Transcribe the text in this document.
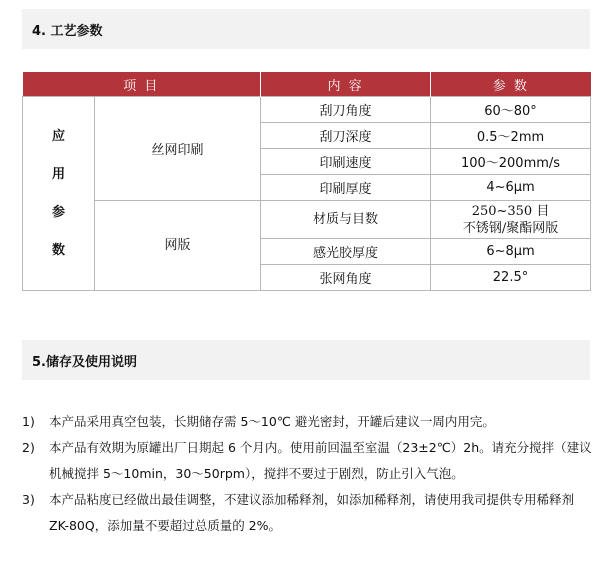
4. 工艺参数
项 目		内 容	参 数

应
用
参
数	丝网印刷	刮刀角度	60～80°
		刮刀深度	0.5～2mm
		印刷速度	100～200mm/s
		印刷厚度	4~6μm
	网版	材质与目数	250~350 目
不锈钢/聚酯网版

		感光胶厚度	6~8μm
		张网角度	22.5°
5.储存及使用说明
1)	本产品采用真空包装，长期储存需 5～10℃ 避光密封，开罐后建议一周内用完。
2)	本产品有效期为原罐出厂日期起 6 个月内。使用前回温至室温（23±2℃）2h。请充分搅拌（建议机械搅拌 5～10min，30～50rpm），搅拌不要过于剧烈，防止引入气泡。
3)	本产品粘度已经做出最佳调整，不建议添加稀释剂，如添加稀释剂，请使用我司提供专用稀释剂 ZK-80Q，添加量不要超过总质量的 2%。
